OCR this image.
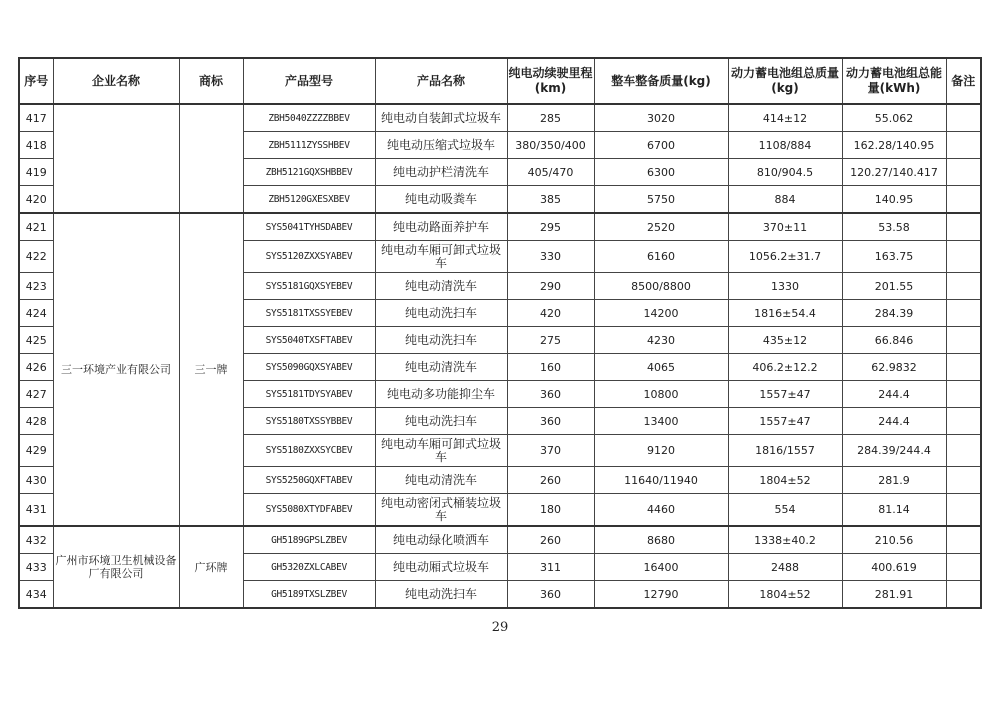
序号	企业名称	商标	产品型号	产品名称	纯电动续驶里程(km)	整车整备质量(kg)	动力蓄电池组总质量(kg)	动力蓄电池组总能量(kWh)	备注
417			ZBH5040ZZZZBBEV	纯电动自装卸式垃圾车	285	3020	414±12	55.062	
418			ZBH5111ZYSSHBEV	纯电动压缩式垃圾车	380/350/400	6700	1108/884	162.28/140.95	
419			ZBH5121GQXSHBBEV	纯电动护栏清洗车	405/470	6300	810/904.5	120.27/140.417	
420			ZBH5120GXESXBEV	纯电动吸粪车	385	5750	884	140.95	
421	三一环境产业有限公司	三一牌	SYS5041TYHSDABEV	纯电动路面养护车	295	2520	370±11	53.58	
422			SYS5120ZXXSYABEV	纯电动车厢可卸式垃圾车	330	6160	1056.2±31.7	163.75	
423			SYS5181GQXSYEBEV	纯电动清洗车	290	8500/8800	1330	201.55	
424			SYS5181TXSSYEBEV	纯电动洗扫车	420	14200	1816±54.4	284.39	
425			SYS5040TXSFTABEV	纯电动洗扫车	275	4230	435±12	66.846	
426			SYS5090GQXSYABEV	纯电动清洗车	160	4065	406.2±12.2	62.9832	
427			SYS5181TDYSYABEV	纯电动多功能抑尘车	360	10800	1557±47	244.4	
428			SYS5180TXSSYBBEV	纯电动洗扫车	360	13400	1557±47	244.4	
429			SYS5180ZXXSYCBEV	纯电动车厢可卸式垃圾车	370	9120	1816/1557	284.39/244.4	
430			SYS5250GQXFTABEV	纯电动清洗车	260	11640/11940	1804±52	281.9	
431			SYS5080XTYDFABEV	纯电动密闭式桶装垃圾车	180	4460	554	81.14	
432	广州市环境卫生机械设备厂有限公司	广环牌	GH5189GPSLZBEV	纯电动绿化喷洒车	260	8680	1338±40.2	210.56	
433			GH5320ZXLCABEV	纯电动厢式垃圾车	311	16400	2488	400.619	
434			GH5189TXSLZBEV	纯电动洗扫车	360	12790	1804±52	281.91	
29
